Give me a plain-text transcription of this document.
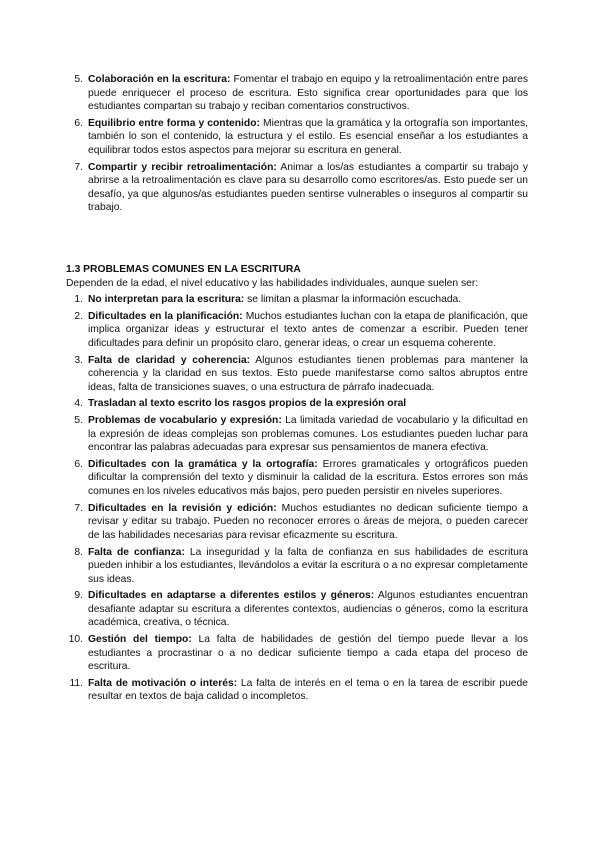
5. Colaboración en la escritura: Fomentar el trabajo en equipo y la retroalimentación entre pares puede enriquecer el proceso de escritura. Esto significa crear oportunidades para que los estudiantes compartan su trabajo y reciban comentarios constructivos.
6. Equilibrio entre forma y contenido: Mientras que la gramática y la ortografía son importantes, también lo son el contenido, la estructura y el estilo. Es esencial enseñar a los estudiantes a equilibrar todos estos aspectos para mejorar su escritura en general.
7. Compartir y recibir retroalimentación: Animar a los/as estudiantes a compartir su trabajo y abrirse a la retroalimentación es clave para su desarrollo como escritores/as. Esto puede ser un desafío, ya que algunos/as estudiantes pueden sentirse vulnerables o inseguros al compartir su trabajo.
1.3 PROBLEMAS COMUNES EN LA ESCRITURA
Dependen de la edad, el nivel educativo y las habilidades individuales, aunque suelen ser:
1. No interpretan para la escritura: se limitan a plasmar la información escuchada.
2. Dificultades en la planificación: Muchos estudiantes luchan con la etapa de planificación, que implica organizar ideas y estructurar el texto antes de comenzar a escribir. Pueden tener dificultades para definir un propósito claro, generar ideas, o crear un esquema coherente.
3. Falta de claridad y coherencia: Algunos estudiantes tienen problemas para mantener la coherencia y la claridad en sus textos. Esto puede manifestarse como saltos abruptos entre ideas, falta de transiciones suaves, o una estructura de párrafo inadecuada.
4. Trasladan al texto escrito los rasgos propios de la expresión oral
5. Problemas de vocabulario y expresión: La limitada variedad de vocabulario y la dificultad en la expresión de ideas complejas son problemas comunes. Los estudiantes pueden luchar para encontrar las palabras adecuadas para expresar sus pensamientos de manera efectiva.
6. Dificultades con la gramática y la ortografía: Errores gramaticales y ortográficos pueden dificultar la comprensión del texto y disminuir la calidad de la escritura. Estos errores son más comunes en los niveles educativos más bajos, pero pueden persistir en niveles superiores.
7. Dificultades en la revisión y edición: Muchos estudiantes no dedican suficiente tiempo a revisar y editar su trabajo. Pueden no reconocer errores o áreas de mejora, o pueden carecer de las habilidades necesarias para revisar eficazmente su escritura.
8. Falta de confianza: La inseguridad y la falta de confianza en sus habilidades de escritura pueden inhibir a los estudiantes, llevándolos a evitar la escritura o a no expresar completamente sus ideas.
9. Dificultades en adaptarse a diferentes estilos y géneros: Algunos estudiantes encuentran desafiante adaptar su escritura a diferentes contextos, audiencias o géneros, como la escritura académica, creativa, o técnica.
10. Gestión del tiempo: La falta de habilidades de gestión del tiempo puede llevar a los estudiantes a procrastinar o a no dedicar suficiente tiempo a cada etapa del proceso de escritura.
11. Falta de motivación o interés: La falta de interés en el tema o en la tarea de escribir puede resultar en textos de baja calidad o incompletos.
